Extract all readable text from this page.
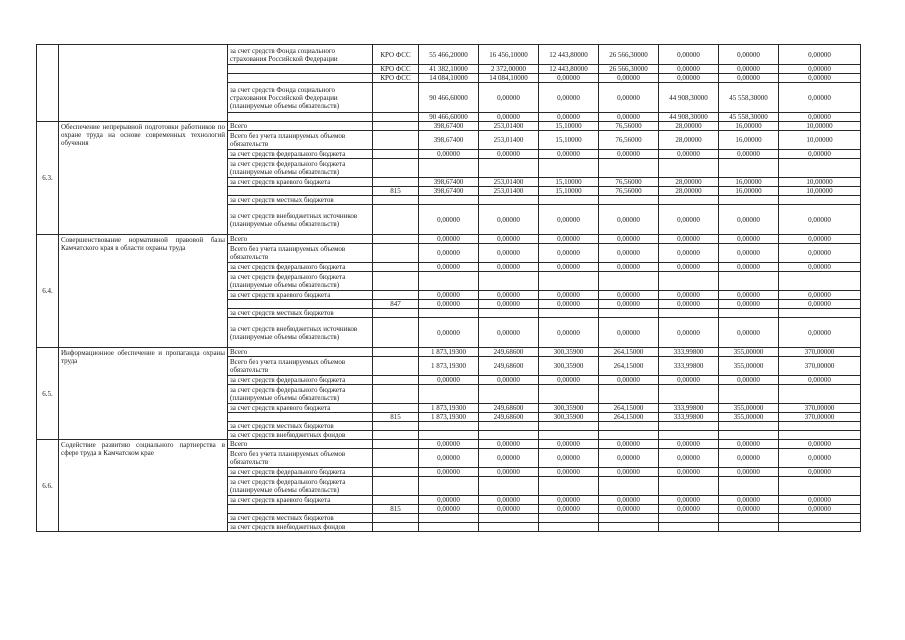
		за счет средств Фонда социального страхования Российской Федерации	КРО ФСС	55 466,20000	16 456,10000	12 443,80000	26 566,30000	0,00000	0,00000	0,00000
			КРО ФСС	41 382,10000	2 372,00000	12 443,80000	26 566,30000	0,00000	0,00000	0,00000
			КРО ФСС	14 084,10000	14 084,10000	0,00000	0,00000	0,00000	0,00000	0,00000
		за счет средств Фонда социального страхования Российской Федерации (планируемые объемы обязательств)		90 466,60000	0,00000	0,00000	0,00000	44 908,30000	45 558,30000	0,00000
				90 466,60000	0,00000	0,00000	0,00000	44 908,30000	45 558,30000	0,00000
6.3.	Обеспечение непрерывной подготовки работников по охране труда на основе современных технологий обучения	Всего		398,67400	253,01400	15,10000	76,56000	28,00000	16,00000	10,00000
		Всего без учета планируемых объемов обязательств		398,67400	253,01400	15,10000	76,56000	28,00000	16,00000	10,00000
		за счет средств федерального бюджета		0,00000	0,00000	0,00000	0,00000	0,00000	0,00000	0,00000
		за счет средств федерального бюджета (планируемые объемы обязательств)								
		за счет средств краевого бюджета		398,67400	253,01400	15,10000	76,56000	28,00000	16,00000	10,00000
			815	398,67400	253,01400	15,10000	76,56000	28,00000	16,00000	10,00000
		за счет средств местных бюджетов								
		за счет средств внебюджетных источников (планируемые объемы обязательств)		0,00000	0,00000	0,00000	0,00000	0,00000	0,00000	0,00000
6.4.	Совершенствование нормативной правовой базы Камчатского края в области охраны труда	Всего		0,00000	0,00000	0,00000	0,00000	0,00000	0,00000	0,00000
		Всего без учета планируемых объемов обязательств		0,00000	0,00000	0,00000	0,00000	0,00000	0,00000	0,00000
		за счет средств федерального бюджета		0,00000	0,00000	0,00000	0,00000	0,00000	0,00000	0,00000
		за счет средств федерального бюджета (планируемые объемы обязательств)								
		за счет средств краевого бюджета		0,00000	0,00000	0,00000	0,00000	0,00000	0,00000	0,00000
			847	0,00000	0,00000	0,00000	0,00000	0,00000	0,00000	0,00000
		за счет средств местных бюджетов								
		за счет средств внебюджетных источников (планируемые объемы обязательств)		0,00000	0,00000	0,00000	0,00000	0,00000	0,00000	0,00000
6.5.	Информационное обеспечение и пропаганда охраны труда	Всего		1 873,19300	249,68600	300,35900	264,15000	333,99800	355,00000	370,00000
		Всего без учета планируемых объемов обязательств		1 873,19300	249,68600	300,35900	264,15000	333,99800	355,00000	370,00000
		за счет средств федерального бюджета		0,00000	0,00000	0,00000	0,00000	0,00000	0,00000	0,00000
		за счет средств федерального бюджета (планируемые объемы обязательств)								
		за счет средств краевого бюджета		1 873,19300	249,68600	300,35900	264,15000	333,99800	355,00000	370,00000
			815	1 873,19300	249,68600	300,35900	264,15000	333,99800	355,00000	370,00000
		за счет средств местных бюджетов								
		за счет средств внебюджетных фондов								
6.6.	Содействие развитию социального партнерства в сфере труда в Камчатском крае	Всего		0,00000	0,00000	0,00000	0,00000	0,00000	0,00000	0,00000
		Всего без учета планируемых объемов обязательств		0,00000	0,00000	0,00000	0,00000	0,00000	0,00000	0,00000
		за счет средств федерального бюджета		0,00000	0,00000	0,00000	0,00000	0,00000	0,00000	0,00000
		за счет средств федерального бюджета (планируемые объемы обязательств)								
		за счет средств краевого бюджета		0,00000	0,00000	0,00000	0,00000	0,00000	0,00000	0,00000
			815	0,00000	0,00000	0,00000	0,00000	0,00000	0,00000	0,00000
		за счет средств местных бюджетов								
		за счет средств внебюджетных фондов								
